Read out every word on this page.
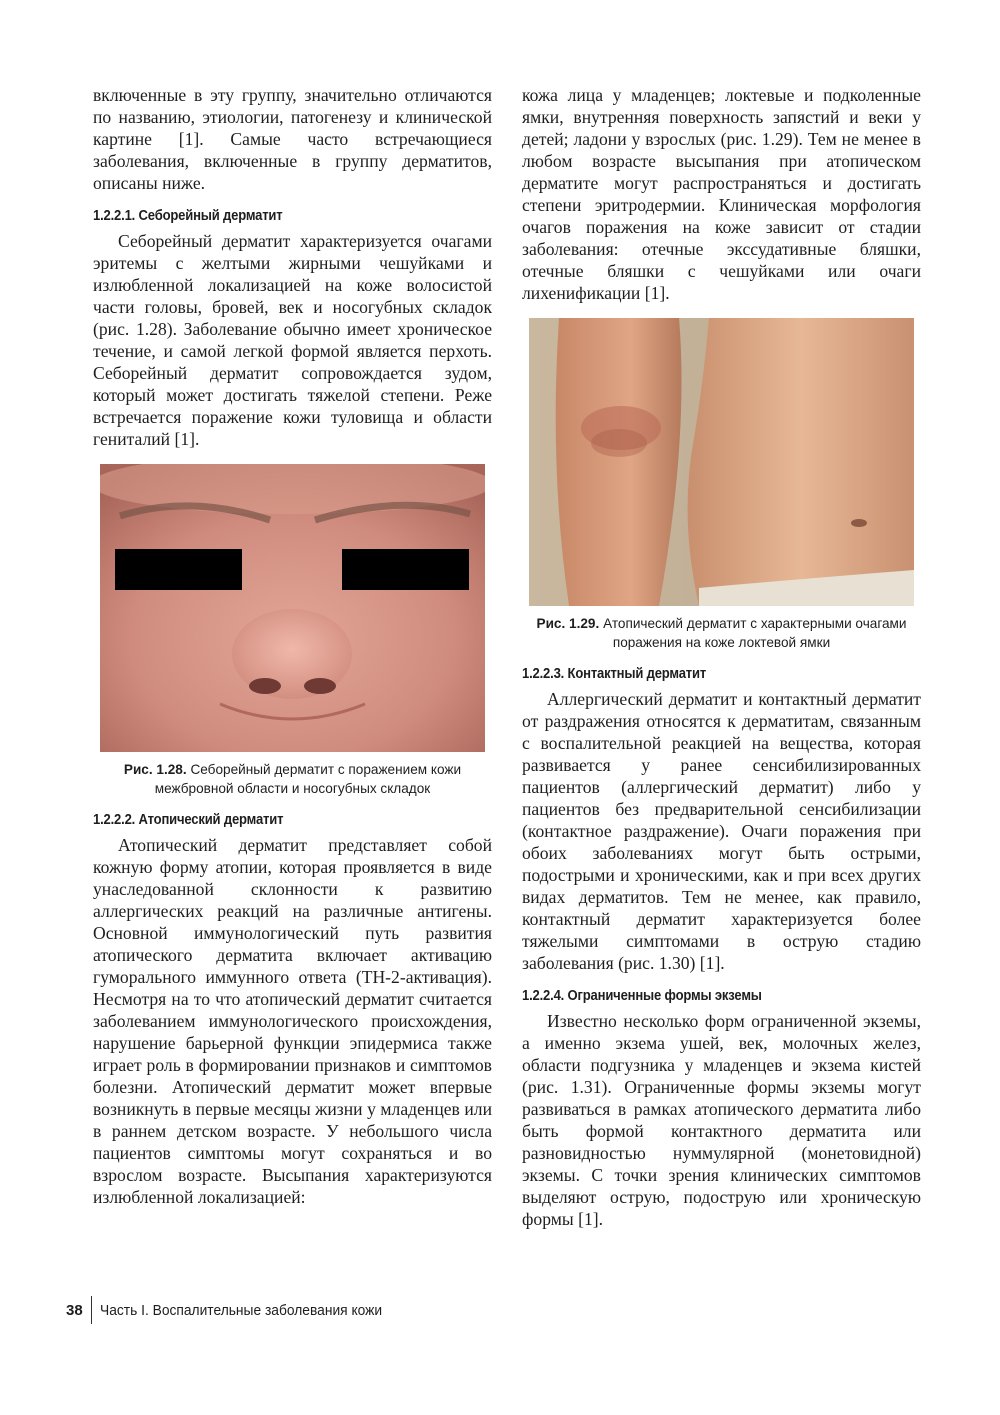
включенные в эту группу, значительно отличаются по названию, этиологии, патогенезу и клинической картине [1]. Самые часто встречающиеся заболевания, включенные в группу дерматитов, описаны ниже.

1.2.2.1. Себорейный дерматит

Себорейный дерматит характеризуется очагами эритемы с желтыми жирными чешуйками и излюбленной локализацией на коже волосистой части головы, бровей, век и носогубных складок (рис. 1.28). Заболевание обычно имеет хроническое течение, и самой легкой формой является перхоть. Себорейный дерматит сопровождается зудом, который может достигать тяжелой степени. Реже встречается поражение кожи туловища и области гениталий [1].

Рис. 1.28. Себорейный дерматит с поражением кожи межбровной области и носогубных складок

1.2.2.2. Атопический дерматит

Атопический дерматит представляет собой кожную форму атопии, которая проявляется в виде унаследованной склонности к развитию аллергических реакций на различные антигены. Основной иммунологический путь развития атопического дерматита включает активацию гуморального иммунного ответа (TH-2-активация). Несмотря на то что атопический дерматит считается заболеванием иммунологического происхождения, нарушение барьерной функции эпидермиса также играет роль в формировании признаков и симптомов болезни. Атопический дерматит может впервые возникнуть в первые месяцы жизни у младенцев или в раннем детском возрасте. У небольшого числа пациентов симптомы могут сохраняться и во взрослом возрасте. Высыпания характеризуются излюбленной локализацией:

кожа лица у младенцев; локтевые и подколенные ямки, внутренняя поверхность запястий и веки у детей; ладони у взрослых (рис. 1.29). Тем не менее в любом возрасте высыпания при атопическом дерматите могут распространяться и достигать степени эритродермии. Клиническая морфология очагов поражения на коже зависит от стадии заболевания: отечные экссудативные бляшки, отечные бляшки с чешуйками или очаги лихенификации [1].

Рис. 1.29. Атопический дерматит с характерными очагами поражения на коже локтевой ямки

1.2.2.3. Контактный дерматит

Аллергический дерматит и контактный дерматит от раздражения относятся к дерматитам, связанным с воспалительной реакцией на вещества, которая развивается у ранее сенсибилизированных пациентов (аллергический дерматит) либо у пациентов без предварительной сенсибилизации (контактное раздражение). Очаги поражения при обоих заболеваниях могут быть острыми, подострыми и хроническими, как и при всех других видах дерматитов. Тем не менее, как правило, контактный дерматит характеризуется более тяжелыми симптомами в острую стадию заболевания (рис. 1.30) [1].

1.2.2.4. Ограниченные формы экземы

Известно несколько форм ограниченной экземы, а именно экзема ушей, век, молочных желез, области подгузника у младенцев и экзема кистей (рис. 1.31). Ограниченные формы экземы могут развиваться в рамках атопического дерматита либо быть формой контактного дерматита или разновидностью нуммулярной (монетовидной) экземы. С точки зрения клинических симптомов выделяют острую, подострую или хроническую формы [1].

38	Часть I. Воспалительные заболевания кожи
